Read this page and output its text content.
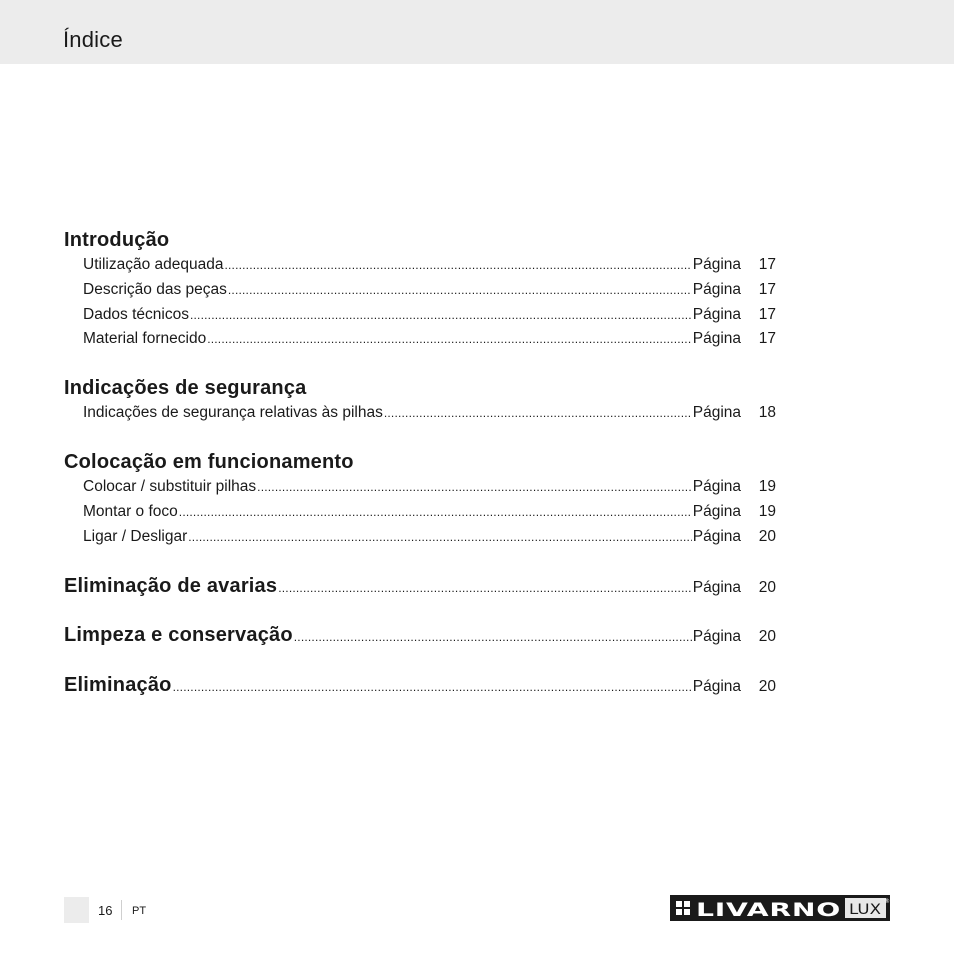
Índice
Introdução
Utilização adequada .....	Página	17
Descrição das peças .....	Página	17
Dados técnicos .....	Página	17
Material fornecido .....	Página	17
Indicações de segurança
Indicações de segurança relativas às pilhas .....	Página	18
Colocação em funcionamento
Colocar / substituir pilhas .....	Página	19
Montar o foco .....	Página	19
Ligar / Desligar .....	Página	20
Eliminação de avarias .....	Página	20
Limpeza e conservação .....	Página	20
Eliminação .....	Página	20
16 PT	LIVARNO LUX
®
